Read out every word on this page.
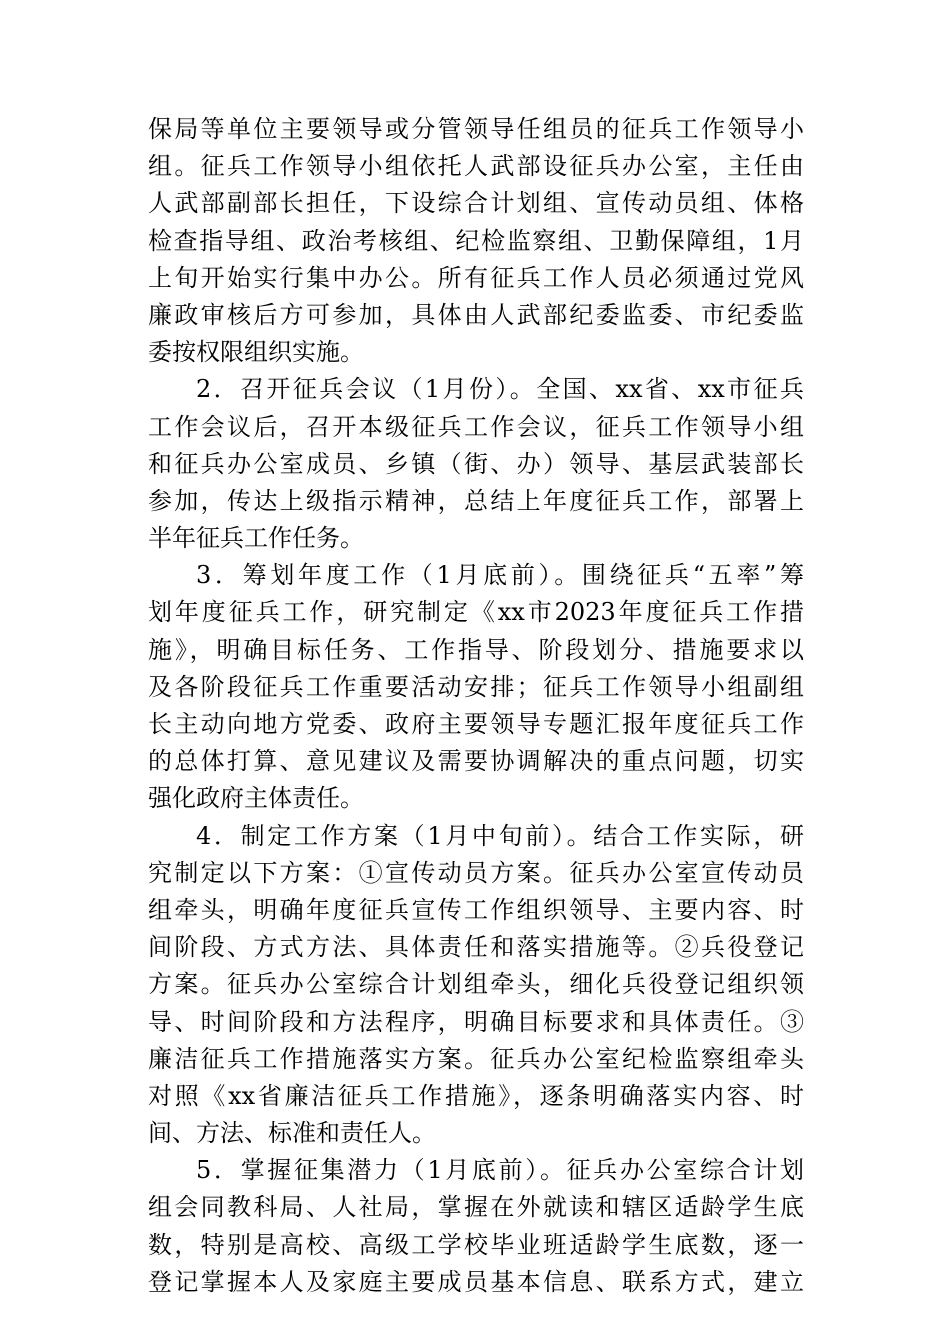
保局等单位主要领导或分管领导任组员的征兵工作领导小
组。征兵工作领导小组依托人武部设征兵办公室，主任由
人武部副部长担任，下设综合计划组、宣传动员组、体格
检查指导组、政治考核组、纪检监察组、卫勤保障组，1月
上旬开始实行集中办公。所有征兵工作人员必须通过党风
廉政审核后方可参加，具体由人武部纪委监委、市纪委监
委按权限组织实施。
2．召开征兵会议（1月份）。全国、xx省、xx市征兵
工作会议后，召开本级征兵工作会议，征兵工作领导小组
和征兵办公室成员、乡镇（街、办）领导、基层武装部长
参加，传达上级指示精神，总结上年度征兵工作，部署上
半年征兵工作任务。
3．筹划年度工作（1月底前）。围绕征兵“五率”筹
划年度征兵工作，研究制定《xx市2023年度征兵工作措
施》，明确目标任务、工作指导、阶段划分、措施要求以
及各阶段征兵工作重要活动安排；征兵工作领导小组副组
长主动向地方党委、政府主要领导专题汇报年度征兵工作
的总体打算、意见建议及需要协调解决的重点问题，切实
强化政府主体责任。
4．制定工作方案（1月中旬前）。结合工作实际，研
究制定以下方案：①宣传动员方案。征兵办公室宣传动员
组牵头，明确年度征兵宣传工作组织领导、主要内容、时
间阶段、方式方法、具体责任和落实措施等。②兵役登记
方案。征兵办公室综合计划组牵头，细化兵役登记组织领
导、时间阶段和方法程序，明确目标要求和具体责任。③
廉洁征兵工作措施落实方案。征兵办公室纪检监察组牵头
对照《xx省廉洁征兵工作措施》，逐条明确落实内容、时
间、方法、标准和责任人。
5．掌握征集潜力（1月底前）。征兵办公室综合计划
组会同教科局、人社局，掌握在外就读和辖区适龄学生底
数，特别是高校、高级工学校毕业班适龄学生底数，逐一
登记掌握本人及家庭主要成员基本信息、联系方式，建立
